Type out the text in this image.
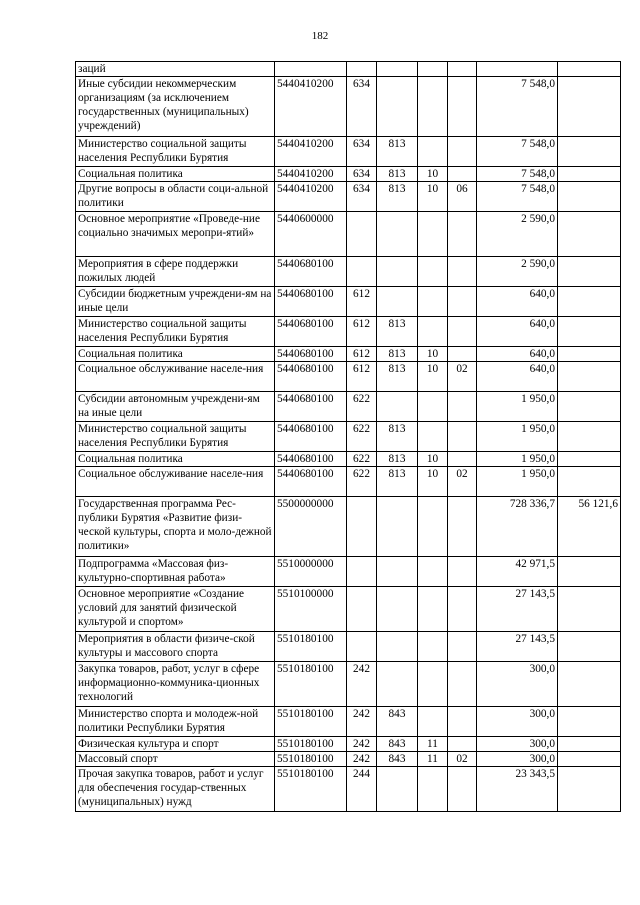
182
заций							
Иные субсидии некоммерческим организациям (за исключением государственных (муниципальных) учреждений)	5440410200	634				7 548,0	
Министерство социальной защиты населения Республики Бурятия	5440410200	634	813			7 548,0	
Социальная политика	5440410200	634	813	10		7 548,0	
Другие вопросы в области соци-альной политики	5440410200	634	813	10	06	7 548,0	
Основное мероприятие «Проведе-ние социально значимых меропри-ятий»	5440600000					2 590,0	
Мероприятия в сфере поддержки пожилых людей	5440680100					2 590,0	
Субсидии бюджетным учреждени-ям на иные цели	5440680100	612				640,0	
Министерство социальной защиты населения Республики Бурятия	5440680100	612	813			640,0	
Социальная политика	5440680100	612	813	10		640,0	
Социальное обслуживание населе-ния	5440680100	612	813	10	02	640,0	
Субсидии автономным учреждени-ям на иные цели	5440680100	622				1 950,0	
Министерство социальной защиты населения Республики Бурятия	5440680100	622	813			1 950,0	
Социальная политика	5440680100	622	813	10		1 950,0	
Социальное обслуживание населе-ния	5440680100	622	813	10	02	1 950,0	
Государственная программа Рес-публики Бурятия «Развитие физи-ческой культуры, спорта и моло-дежной политики»	5500000000					728 336,7	56 121,6
Подпрограмма «Массовая физ-культурно-спортивная работа»	5510000000					42 971,5	
Основное мероприятие «Создание условий для занятий физической культурой и спортом»	5510100000					27 143,5	
Мероприятия в области физиче-ской культуры и массового спорта	5510180100					27 143,5	
Закупка товаров, работ, услуг в сфере информационно-коммуника-ционных технологий	5510180100	242				300,0	
Министерство спорта и молодеж-ной политики Республики Бурятия	5510180100	242	843			300,0	
Физическая культура и спорт	5510180100	242	843	11		300,0	
Массовый спорт	5510180100	242	843	11	02	300,0	
Прочая закупка товаров, работ и услуг для обеспечения государ-ственных (муниципальных) нужд	5510180100	244				23 343,5	
